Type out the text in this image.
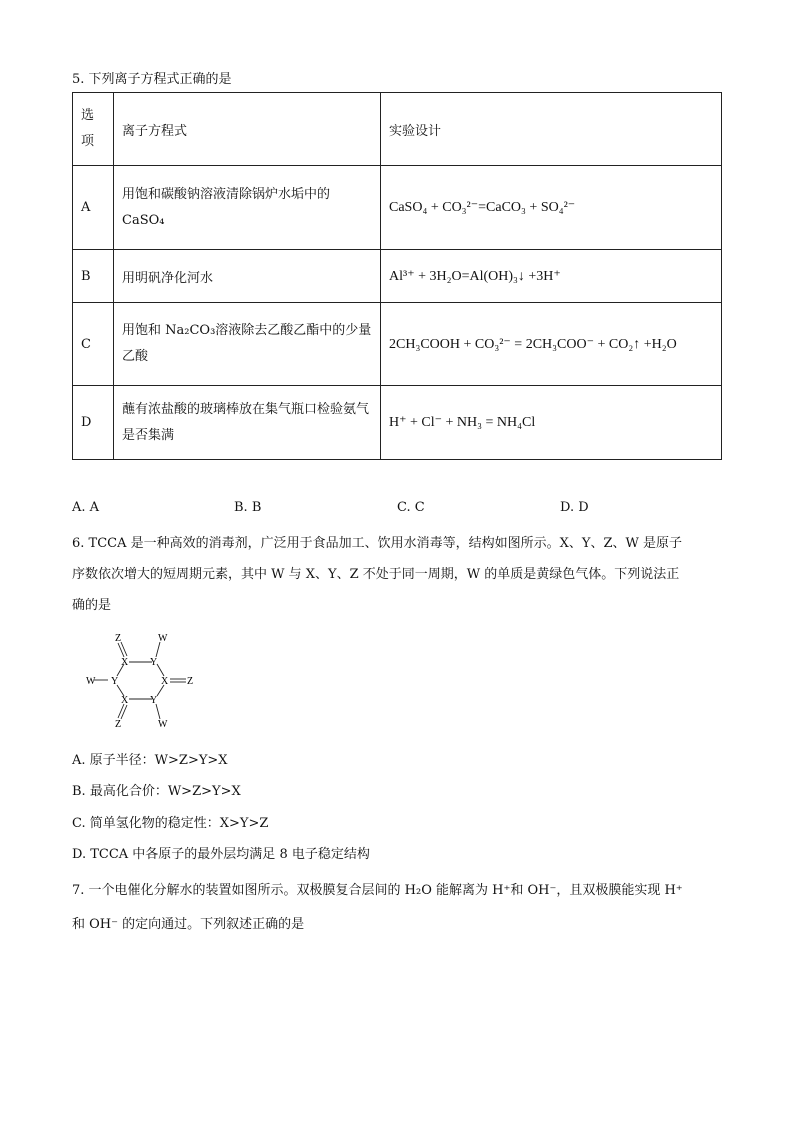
5. 下列离子方程式正确的是
选项	离子方程式	实验设计
A	用饱和碳酸钠溶液清除锅炉水垢中的CaSO₄	CaSO₄ + CO₃²⁻=CaCO₃ + SO₄²⁻
B	用明矾净化河水	Al³⁺ + 3H₂O=Al(OH)₃↓ +3H⁺
C	用饱和 Na₂CO₃溶液除去乙酸乙酯中的少量乙酸	2CH₃COOH + CO₃²⁻ = 2CH₃COO⁻ + CO₂↑ +H₂O
D	蘸有浓盐酸的玻璃棒放在集气瓶口检验氨气是否集满	H⁺ + Cl⁻ + NH₃ = NH₄Cl
A. A	B. B	C. C	D. D
6. TCCA 是一种高效的消毒剂，广泛用于食品加工、饮用水消毒等，结构如图所示。X、Y、Z、W 是原子
序数依次增大的短周期元素，其中 W 与 X、Y、Z 不处于同一周期，W 的单质是黄绿色气体。下列说法正
确的是
Z	W
X Y
W Y	X Z
X Y
Z	W
A. 原子半径：W>Z>Y>X
B. 最高化合价：W>Z>Y>X
C. 简单氢化物的稳定性：X>Y>Z
D. TCCA 中各原子的最外层均满足 8 电子稳定结构
7. 一个电催化分解水的装置如图所示。双极膜复合层间的 H₂O 能解离为 H⁺和 OH⁻，且双极膜能实现 H⁺
和 OH⁻ 的定向通过。下列叙述正确的是
